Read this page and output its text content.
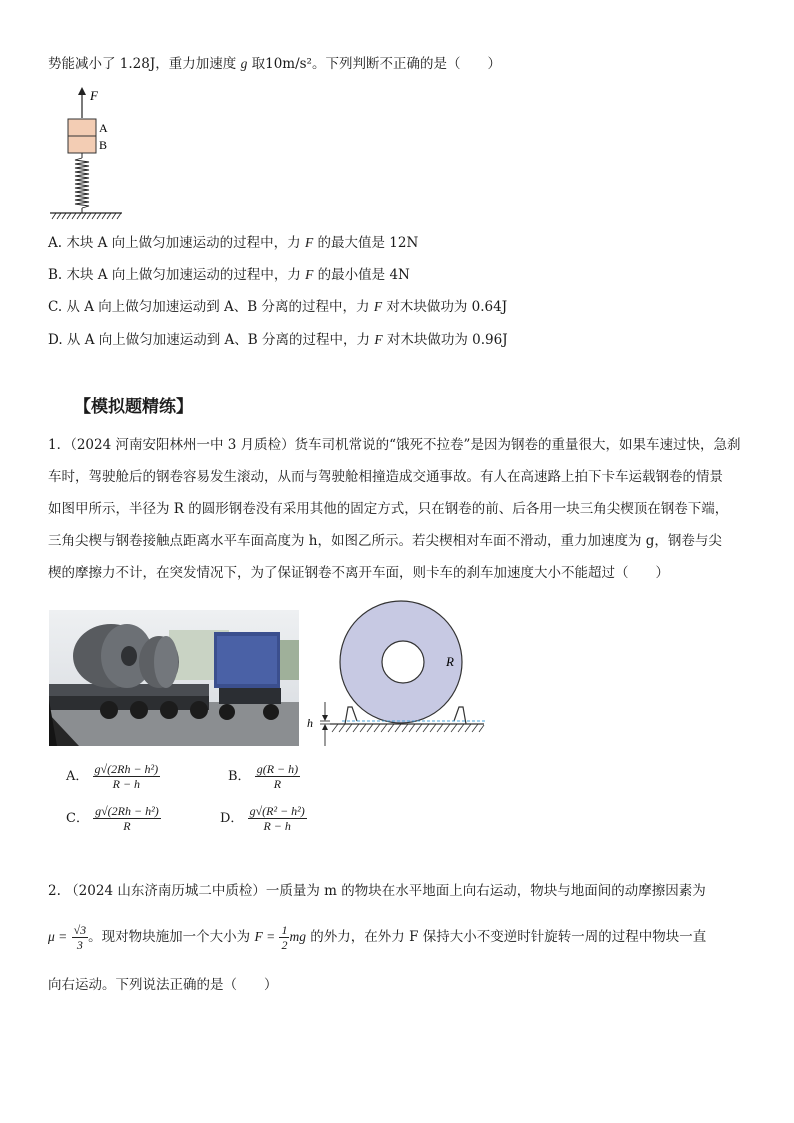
势能减小了 1.28J，重力加速度 g 取10m/s²。下列判断不正确的是（　　）
F
A
B
A. 木块 A 向上做匀加速运动的过程中，力 F 的最大值是 12N
B. 木块 A 向上做匀加速运动的过程中，力 F 的最小值是 4N
C. 从 A 向上做匀加速运动到 A、B 分离的过程中，力 F 对木块做功为 0.64J
D. 从 A 向上做匀加速运动到 A、B 分离的过程中，力 F 对木块做功为 0.96J
【模拟题精练】
1．（2024 河南安阳林州一中 3 月质检）货车司机常说的“饿死不拉卷”是因为钢卷的重量很大，如果车速过快，急刹
车时，驾驶舱后的钢卷容易发生滚动，从而与驾驶舱相撞造成交通事故。有人在高速路上拍下卡车运载钢卷的情景
如图甲所示，半径为 R 的圆形钢卷没有采用其他的固定方式，只在钢卷的前、后各用一块三角尖楔顶在钢卷下端，
三角尖楔与钢卷接触点距离水平车面高度为 h，如图乙所示。若尖楔相对车面不滑动，重力加速度为 g，钢卷与尖
楔的摩擦力不计，在突发情况下，为了保证钢卷不离开车面，则卡车的刹车加速度大小不能超过（　　）
R
h
A． $\frac{\text{g√(2Rh − h²)}}{R - h}$	B． $\frac{g(R - h)}{R}$
C． $\frac{\text{g√(2Rh − h²)}}{R}$	D． $\frac{\text{g√(R² − h²)}}{R - h}$
2. （2024 山东济南历城二中质检）一质量为 m 的物块在水平地面上向右运动，物块与地面间的动摩擦因素为
$\mu = \frac{√3}{3}$ 。现对物块施加一个大小为 $F = \frac{1}{2}$ mg 的外力，在外力 F 保持大小不变逆时针旋转一周的过程中物块一直
向右运动。下列说法正确的是（　　）
